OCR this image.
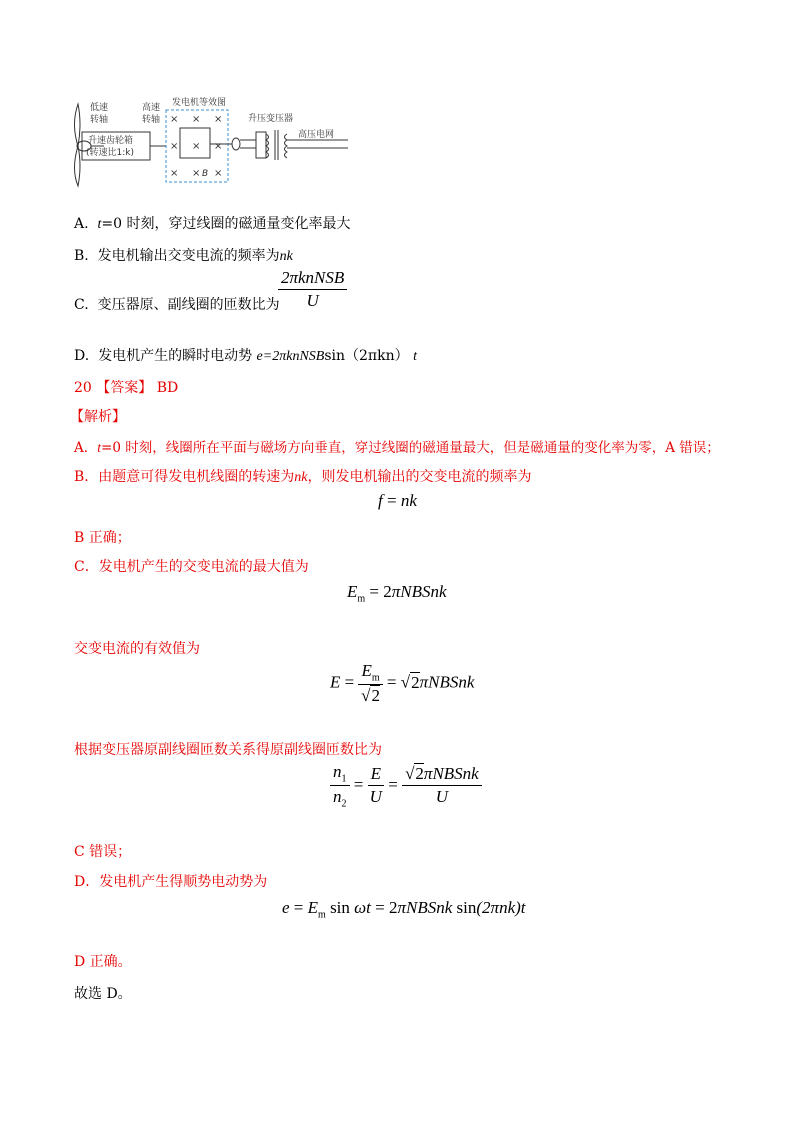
低速
转轴
升速齿轮箱
(转速比1:k)
高速
转轴
发电机等效图
× × ×
× × ×
× × ×
B
升压变压器
高压电网
A. t=0 时刻，穿过线圈的磁通量变化率最大
B. 发电机输出交变电流的频率为nk
C. 变压器原、副线圈的匝数比为
$\frac{\text{2πknNSB}}{U}$
D. 发电机产生的瞬时电动势 e=2πknNSBsin（2πkn） t
20 【答案】 BD
【解析】
A．t=0 时刻，线圈所在平面与磁场方向垂直，穿过线圈的磁通量最大，但是磁通量的变化率为零，A 错误；
B．由题意可得发电机线圈的转速为nk，则发电机输出的交变电流的频率为
f = nk
B 正确；
C．发电机产生的交变电流的最大值为
$E_m$ = 2πNBSnk
交变电流的有效值为
$E = \frac{E_m}{√2}$ = √2πNBSnk
根据变压器原副线圈匝数关系得原副线圈匝数比为
$\frac{n_1}{n_2} = \frac{E}{U} = \frac{\text{√2πNBSnk}}{U}$
C 错误；
D．发电机产生得顺势电动势为
$e = E_m$ sin ωt = 2πNBSnk sin(2πnk)t
D 正确。
故选 D。
